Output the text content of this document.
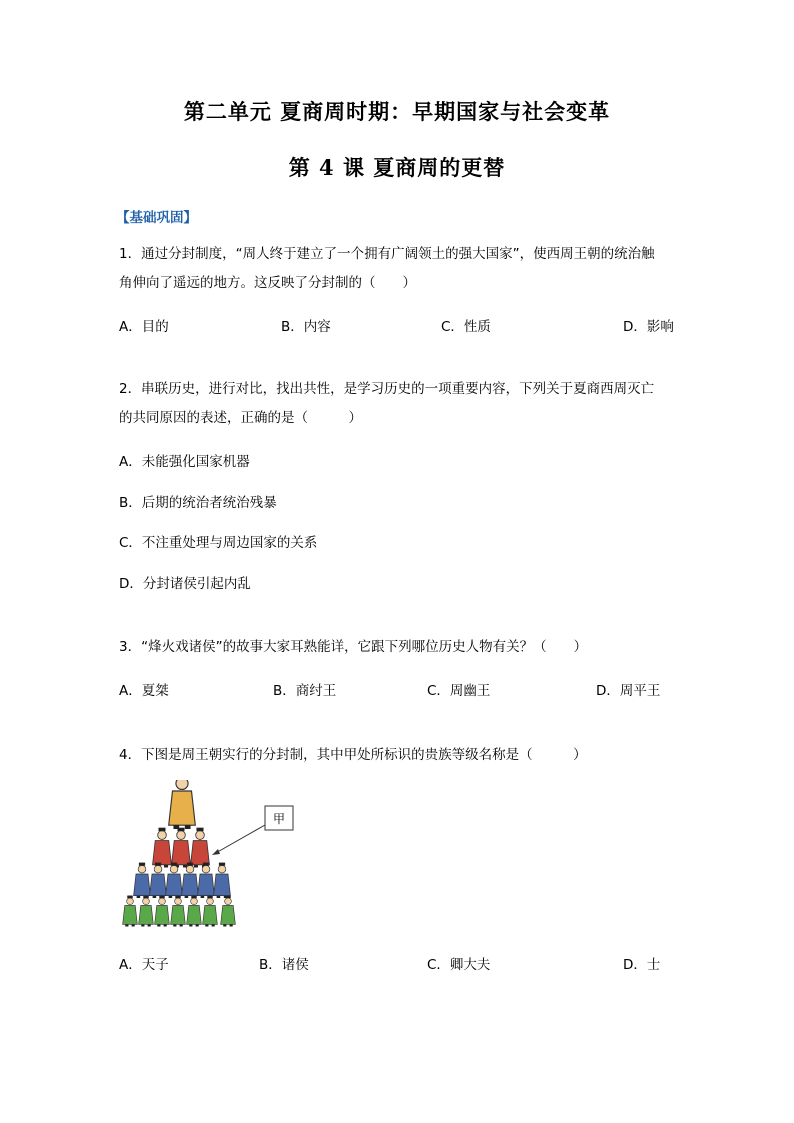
第二单元 夏商周时期：早期国家与社会变革
第 4 课 夏商周的更替
【基础巩固】
1．通过分封制度，“周人终于建立了一个拥有广阔领土的强大国家”，使西周王朝的统治触
角伸向了遥远的地方。这反映了分封制的（　　）
A．目的	B．内容	C．性质	D．影响
2．串联历史，进行对比，找出共性，是学习历史的一项重要内容，下列关于夏商西周灭亡
的共同原因的表述，正确的是（　　　）
A．未能强化国家机器
B．后期的统治者统治残暴
C．不注重处理与周边国家的关系
D．分封诸侯引起内乱
3．“烽火戏诸侯”的故事大家耳熟能详，它跟下列哪位历史人物有关？（　　）
A．夏桀	B．商纣王	C．周幽王	D．周平王
4．下图是周王朝实行的分封制，其中甲处所标识的贵族等级名称是（　　　）
甲
A．天子	B．诸侯	C．卿大夫	D．士
